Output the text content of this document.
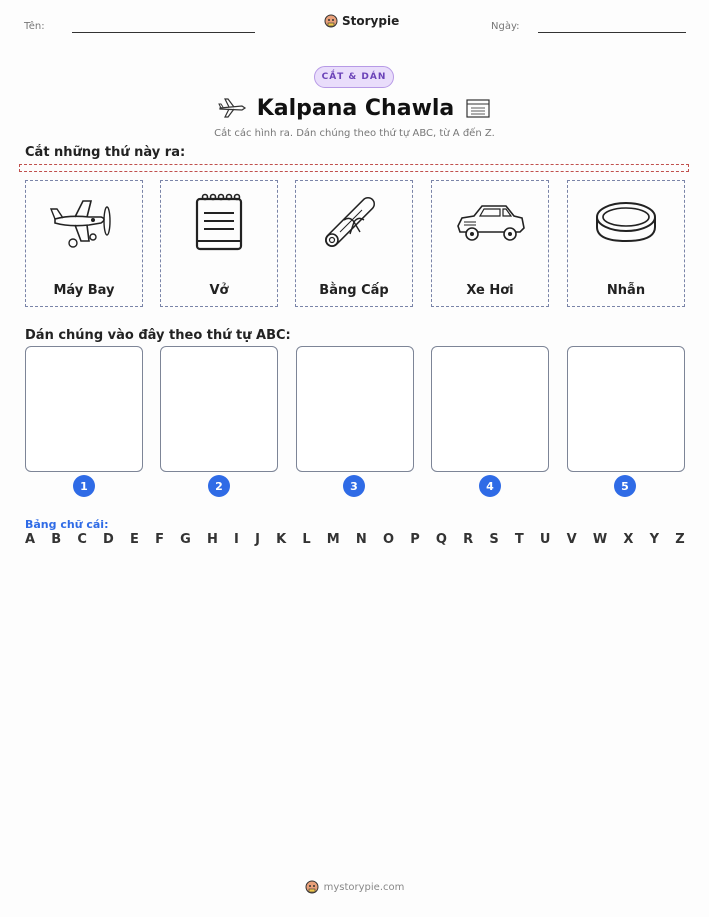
Tên:	Storypie	Ngày:
CẮT & DÁN
Kalpana Chawla
Cắt các hình ra. Dán chúng theo thứ tự ABC, từ A đến Z.
Cắt những thứ này ra:
Máy Bay	Vở	Bằng Cấp	Xe Hơi	Nhẫn
Dán chúng vào đây theo thứ tự ABC:
1	2	3	4	5
Bảng chữ cái:
A B C D E F G H I J K L M N O P Q R S T U V W X Y Z
mystorypie.com
